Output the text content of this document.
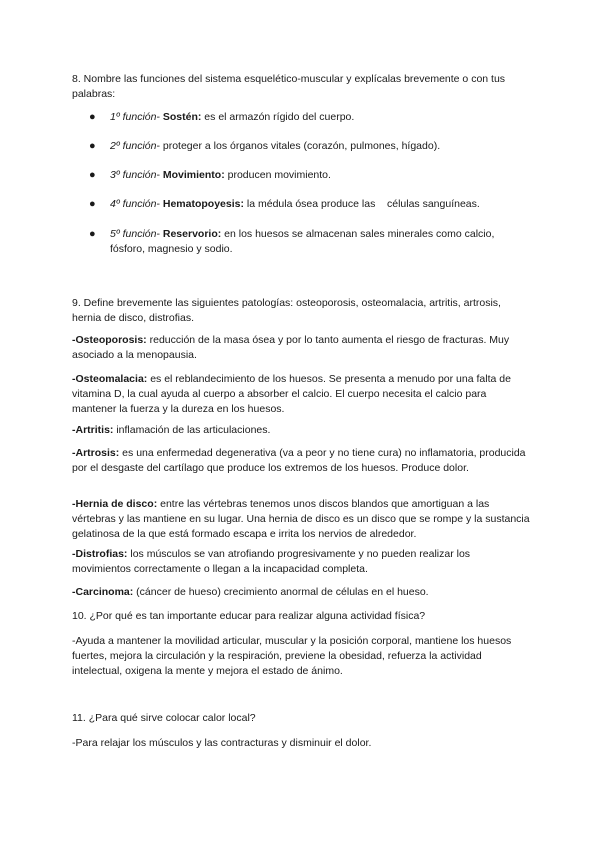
8. Nombre las funciones del sistema esquelético-muscular y explícalas brevemente o con tus palabras:

● 1º función- Sostén: es el armazón rígido del cuerpo.
● 2º función- proteger a los órganos vitales (corazón, pulmones, hígado).
● 3º función- Movimiento: producen movimiento.
● 4º función- Hematopoyesis: la médula ósea produce las    células sanguíneas.
● 5º función- Reservorio: en los huesos se almacenan sales minerales como calcio, fósforo, magnesio y sodio.

9. Define brevemente las siguientes patologías: osteoporosis, osteomalacia, artritis, artrosis, hernia de disco, distrofias.

-Osteoporosis: reducción de la masa ósea y por lo tanto aumenta el riesgo de fracturas. Muy asociado a la menopausia.

-Osteomalacia: es el reblandecimiento de los huesos. Se presenta a menudo por una falta de vitamina D, la cual ayuda al cuerpo a absorber el calcio. El cuerpo necesita el calcio para mantener la fuerza y la dureza en los huesos.

-Artritis: inflamación de las articulaciones.

-Artrosis: es una enfermedad degenerativa (va a peor y no tiene cura) no inflamatoria, producida por el desgaste del cartílago que produce los extremos de los huesos. Produce dolor.

-Hernia de disco: entre las vértebras tenemos unos discos blandos que amortiguan a las vértebras y las mantiene en su lugar. Una hernia de disco es un disco que se rompe y la sustancia gelatinosa de la que está formado escapa e irrita los nervios de alrededor.

-Distrofias: los músculos se van atrofiando progresivamente y no pueden realizar los movimientos correctamente o llegan a la incapacidad completa.

-Carcinoma: (cáncer de hueso) crecimiento anormal de células en el hueso.

10. ¿Por qué es tan importante educar para realizar alguna actividad física?

-Ayuda a mantener la movilidad articular, muscular y la posición corporal, mantiene los huesos fuertes, mejora la circulación y la respiración, previene la obesidad, refuerza la actividad intelectual, oxigena la mente y mejora el estado de ánimo.

11. ¿Para qué sirve colocar calor local?

-Para relajar los músculos y las contracturas y disminuir el dolor.
